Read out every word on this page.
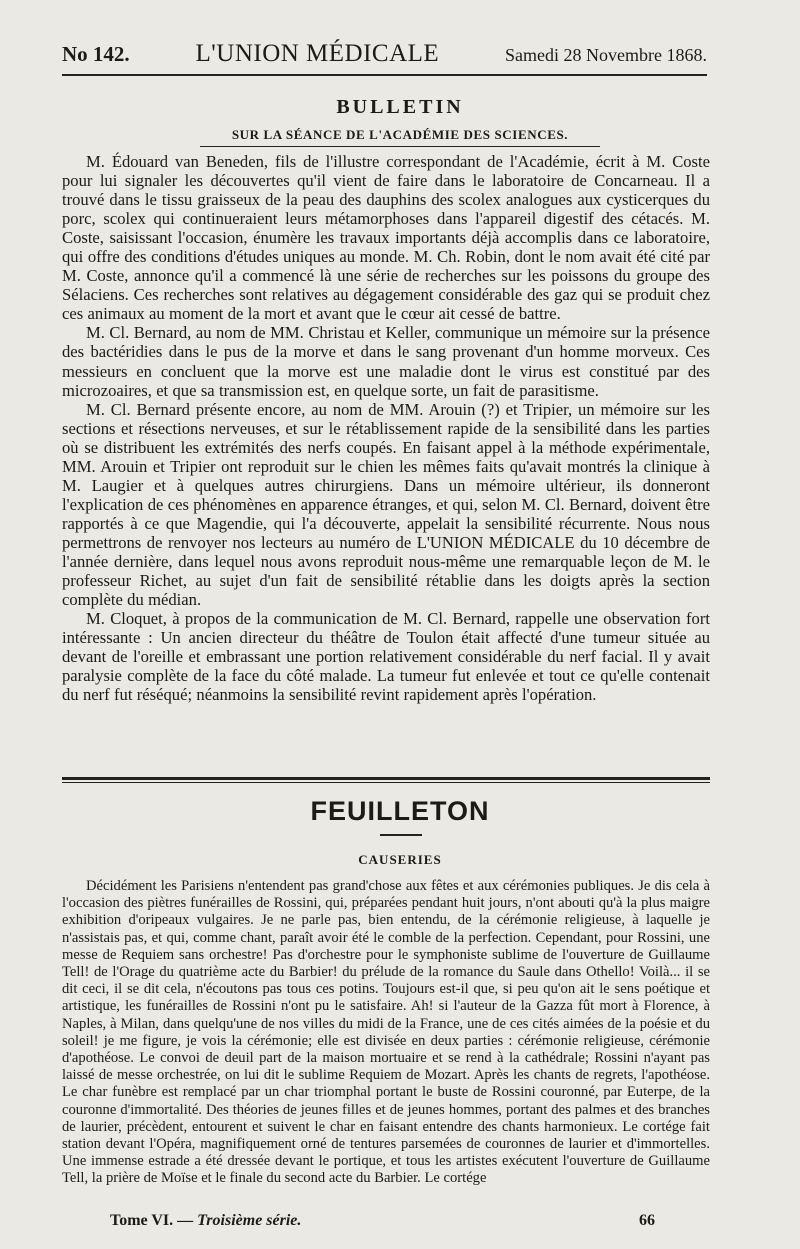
No 142.	L'UNION MÉDICALE	Samedi 28 Novembre 1868.
BULLETIN
SUR LA SÉANCE DE L'ACADÉMIE DES SCIENCES.

M. Édouard van Beneden, fils de l'illustre correspondant de l'Académie, écrit à M. Coste pour lui signaler les découvertes qu'il vient de faire dans le laboratoire de Concarneau. Il a trouvé dans le tissu graisseux de la peau des dauphins des scolex analogues aux cysticerques du porc, scolex qui continueraient leurs métamorphoses dans l'appareil digestif des cétacés. M. Coste, saisissant l'occasion, énumère les travaux importants déjà accomplis dans ce laboratoire, qui offre des conditions d'études uniques au monde. M. Ch. Robin, dont le nom avait été cité par M. Coste, annonce qu'il a commencé là une série de recherches sur les poissons du groupe des Sélaciens. Ces recherches sont relatives au dégagement considérable des gaz qui se produit chez ces animaux au moment de la mort et avant que le cœur ait cessé de battre.

M. Cl. Bernard, au nom de MM. Christau et Keller, communique un mémoire sur la présence des bactéridies dans le pus de la morve et dans le sang provenant d'un homme morveux. Ces messieurs en concluent que la morve est une maladie dont le virus est constitué par des microzoaires, et que sa transmission est, en quelque sorte, un fait de parasitisme.

M. Cl. Bernard présente encore, au nom de MM. Arouin (?) et Tripier, un mémoire sur les sections et résections nerveuses, et sur le rétablissement rapide de la sensibilité dans les parties où se distribuent les extrémités des nerfs coupés. En faisant appel à la méthode expérimentale, MM. Arouin et Tripier ont reproduit sur le chien les mêmes faits qu'avait montrés la clinique à M. Laugier et à quelques autres chirurgiens. Dans un mémoire ultérieur, ils donneront l'explication de ces phénomènes en apparence étranges, et qui, selon M. Cl. Bernard, doivent être rapportés à ce que Magendie, qui l'a découverte, appelait la sensibilité récurrente. Nous nous permettrons de renvoyer nos lecteurs au numéro de L'UNION MÉDICALE du 10 décembre de l'année dernière, dans lequel nous avons reproduit nous-même une remarquable leçon de M. le professeur Richet, au sujet d'un fait de sensibilité rétablie dans les doigts après la section complète du médian.

M. Cloquet, à propos de la communication de M. Cl. Bernard, rappelle une observation fort intéressante : Un ancien directeur du théâtre de Toulon était affecté d'une tumeur située au devant de l'oreille et embrassant une portion relativement considérable du nerf facial. Il y avait paralysie complète de la face du côté malade. La tumeur fut enlevée et tout ce qu'elle contenait du nerf fut réséqué; néanmoins la sensibilité revint rapidement après l'opération.

FEUILLETON
CAUSERIES

Décidément les Parisiens n'entendent pas grand'chose aux fêtes et aux cérémonies publiques. Je dis cela à l'occasion des piètres funérailles de Rossini, qui, préparées pendant huit jours, n'ont abouti qu'à la plus maigre exhibition d'oripeaux vulgaires. Je ne parle pas, bien entendu, de la cérémonie religieuse, à laquelle je n'assistais pas, et qui, comme chant, paraît avoir été le comble de la perfection. Cependant, pour Rossini, une messe de Requiem sans orchestre! Pas d'orchestre pour le symphoniste sublime de l'ouverture de Guillaume Tell! de l'Orage du quatrième acte du Barbier! du prélude de la romance du Saule dans Othello! Voilà... il se dit ceci, il se dit cela, n'écoutons pas tous ces potins. Toujours est-il que, si peu qu'on ait le sens poétique et artistique, les funérailles de Rossini n'ont pu le satisfaire. Ah! si l'auteur de la Gazza fût mort à Florence, à Naples, à Milan, dans quelqu'une de nos villes du midi de la France, une de ces cités aimées de la poésie et du soleil! je me figure, je vois la cérémonie; elle est divisée en deux parties : cérémonie religieuse, cérémonie d'apothéose. Le convoi de deuil part de la maison mortuaire et se rend à la cathédrale; Rossini n'ayant pas laissé de messe orchestrée, on lui dit le sublime Requiem de Mozart. Après les chants de regrets, l'apothéose. Le char funèbre est remplacé par un char triomphal portant le buste de Rossini couronné, par Euterpe, de la couronne d'immortalité. Des théories de jeunes filles et de jeunes hommes, portant des palmes et des branches de laurier, précèdent, entourent et suivent le char en faisant entendre des chants harmonieux. Le cortége fait station devant l'Opéra, magnifiquement orné de tentures parsemées de couronnes de laurier et d'immortelles. Une immense estrade a été dressée devant le portique, et tous les artistes exécutent l'ouverture de Guillaume Tell, la prière de Moïse et le finale du second acte du Barbier. Le cortége

Tome VI. — Troisième série.	66
